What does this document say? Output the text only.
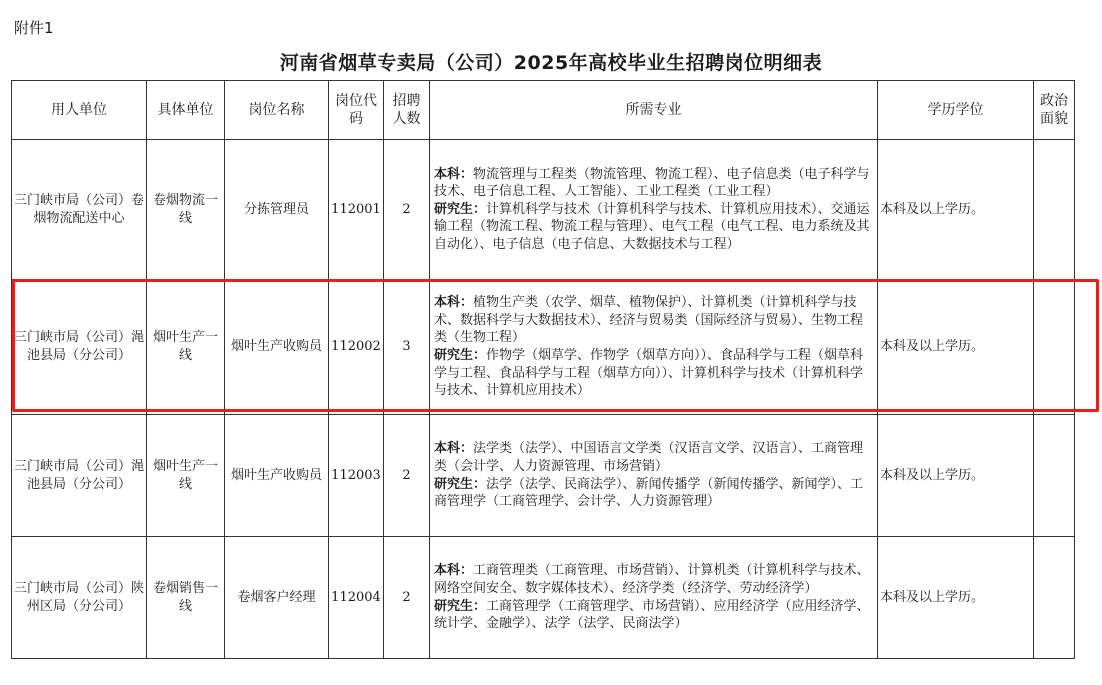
附件1
河南省烟草专卖局（公司）2025年高校毕业生招聘岗位明细表
用人单位	具体单位	岗位名称	岗位代码	招聘人数	所需专业	学历学位	政治面貌
三门峡市局（公司）卷烟物流配送中心	卷烟物流一线	分拣管理员	112001	2	本科：物流管理与工程类（物流管理、物流工程）、电子信息类（电子科学与技术、电子信息工程、人工智能）、工业工程类（工业工程）
研究生：计算机科学与技术（计算机科学与技术、计算机应用技术）、交通运输工程（物流工程、物流工程与管理）、电气工程（电气工程、电力系统及其自动化）、电子信息（电子信息、大数据技术与工程）	本科及以上学历。	
三门峡市局（公司）渑池县局（分公司）	烟叶生产一线	烟叶生产收购员	112002	3	本科：植物生产类（农学、烟草、植物保护）、计算机类（计算机科学与技术、数据科学与大数据技术）、经济与贸易类（国际经济与贸易）、生物工程类（生物工程）
研究生：作物学（烟草学、作物学（烟草方向））、食品科学与工程（烟草科学与工程、食品科学与工程（烟草方向））、计算机科学与技术（计算机科学与技术、计算机应用技术）	本科及以上学历。	
三门峡市局（公司）渑池县局（分公司）	烟叶生产一线	烟叶生产收购员	112003	2	本科：法学类（法学）、中国语言文学类（汉语言文学、汉语言）、工商管理类（会计学、人力资源管理、市场营销）
研究生：法学（法学、民商法学）、新闻传播学（新闻传播学、新闻学）、工商管理学（工商管理学、会计学、人力资源管理）	本科及以上学历。	
三门峡市局（公司）陕州区局（分公司）	卷烟销售一线	卷烟客户经理	112004	2	本科：工商管理类（工商管理、市场营销）、计算机类（计算机科学与技术、网络空间安全、数字媒体技术）、经济学类（经济学、劳动经济学）
研究生：工商管理学（工商管理学、市场营销）、应用经济学（应用经济学、统计学、金融学）、法学（法学、民商法学）	本科及以上学历。	
